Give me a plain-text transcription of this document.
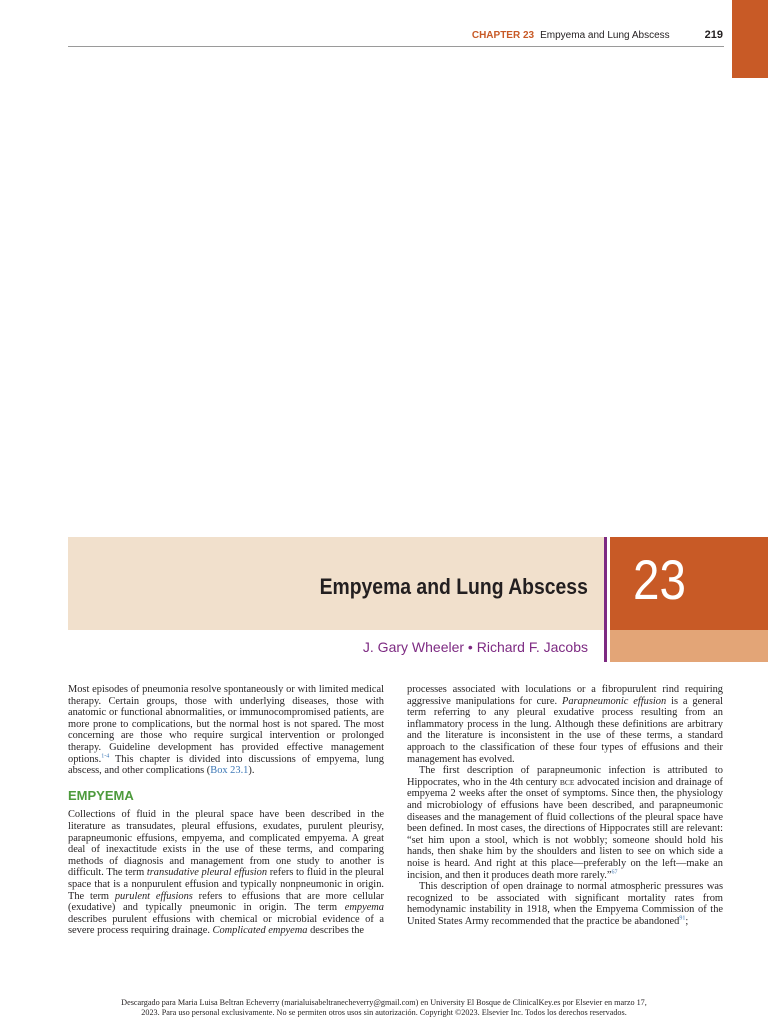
CHAPTER 23 Empyema and Lung Abscess	219
Empyema and Lung Abscess 23
J. Gary Wheeler • Richard F. Jacobs

Most episodes of pneumonia resolve spontaneously or with limited medical therapy. Certain groups, those with underlying diseases, those with anatomic or functional abnormalities, or immunocompromised patients, are more prone to complications, but the normal host is not spared. The most concerning are those who require surgical intervention or prolonged therapy. Guideline development has provided effective management options.$^{1-4}$ This chapter is divided into discussions of empyema, lung abscess, and other complications (Box 23.1).

EMPYEMA

Collections of fluid in the pleural space have been described in the literature as transudates, pleural effusions, exudates, purulent pleurisy, parapneumonic effusions, empyema, and complicated empyema. A great deal of inexactitude exists in the use of these terms, and comparing methods of diagnosis and management from one study to another is difficult. The term transudative pleural effusion refers to fluid in the pleural space that is a nonpurulent effusion and typically nonpneumonic in origin. The term purulent effusions refers to effusions that are more cellular (exudative) and typically pneumonic in origin. The term empyema describes purulent effusions with chemical or microbial evidence of a severe process requiring drainage. Complicated empyema describes the

processes associated with loculations or a fibropurulent rind requiring aggressive manipulations for cure. Parapneumonic effusion is a general term referring to any pleural exudative process resulting from an inflammatory process in the lung. Although these definitions are arbitrary and the literature is inconsistent in the use of these terms, a standard approach to the classification of these four types of effusions and their management has evolved.

The first description of parapneumonic infection is attributed to Hippocrates, who in the 4th century BCE advocated incision and drainage of empyema 2 weeks after the onset of symptoms. Since then, the physiology and microbiology of effusions have been described, and parapneumonic diseases and the management of fluid collections of the pleural space have been defined. In most cases, the directions of Hippocrates still are relevant: “set him upon a stool, which is not wobbly; someone should hold his hands, then shake him by the shoulders and listen to see on which side a noise is heard. And right at this place—preferably on the left—make an incision, and then it produces death more rarely.”$^{67}$

This description of open drainage to normal atmospheric pressures was recognized to be associated with significant mortality rates from hemodynamic instability in 1918, when the Empyema Commission of the United States Army recommended that the practice be abandoned$^{91}$;

Descargado para Maria Luisa Beltran Echeverry (marialuisabeltranecheverry@gmail.com) en University El Bosque de ClinicalKey.es por Elsevier en marzo 17,
2023. Para uso personal exclusivamente. No se permiten otros usos sin autorización. Copyright ©2023. Elsevier Inc. Todos los derechos reservados.
